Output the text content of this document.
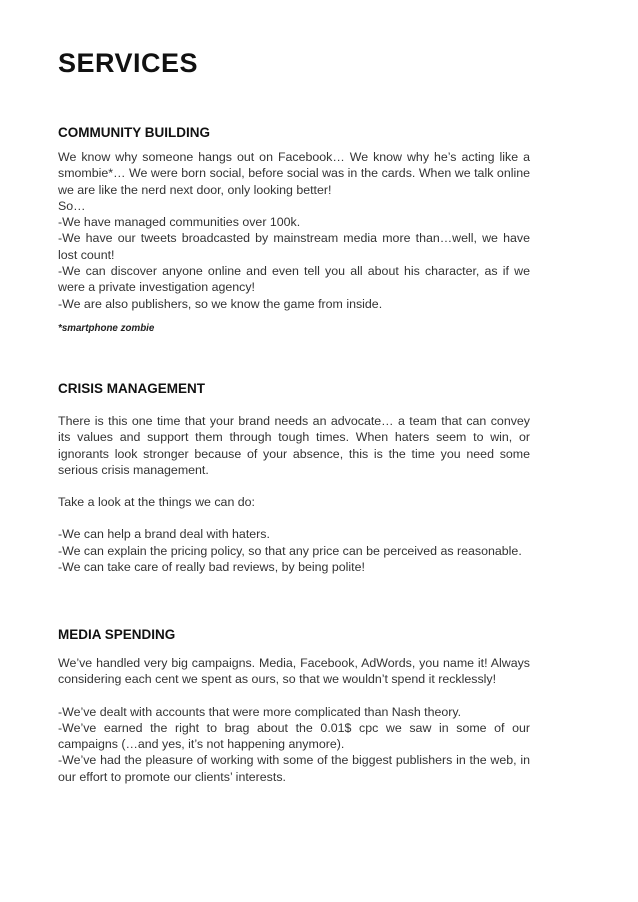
SERVICES
COMMUNITY BUILDING

We know why someone hangs out on Facebook… We know why he’s acting like a smombie*… We were born social, before social was in the cards. When we talk online we are like the nerd next door, only looking better!

So…

-We have managed communities over 100k.

-We have our tweets broadcasted by mainstream media more than…well, we have lost count!

-We can discover anyone online and even tell you all about his character, as if we were a private investigation agency!

-We are also publishers, so we know the game from inside.

*smartphone zombie

CRISIS MANAGEMENT

There is this one time that your brand needs an advocate… a team that can convey its values and support them through tough times. When haters seem to win, or ignorants look stronger because of your absence, this is the time you need some serious crisis management.

Take a look at the things we can do:

-We can help a brand deal with haters.

-We can explain the pricing policy, so that any price can be perceived as reasonable.

-We can take care of really bad reviews, by being polite!

MEDIA SPENDING

We’ve handled very big campaigns. Media, Facebook, AdWords, you name it! Always considering each cent we spent as ours, so that we wouldn’t spend it recklessly!

-We’ve dealt with accounts that were more complicated than Nash theory.

-We’ve earned the right to brag about the 0.01$ cpc we saw in some of our campaigns (…and yes, it’s not happening anymore).

-We’ve had the pleasure of working with some of the biggest publishers in the web, in our effort to promote our clients’ interests.
